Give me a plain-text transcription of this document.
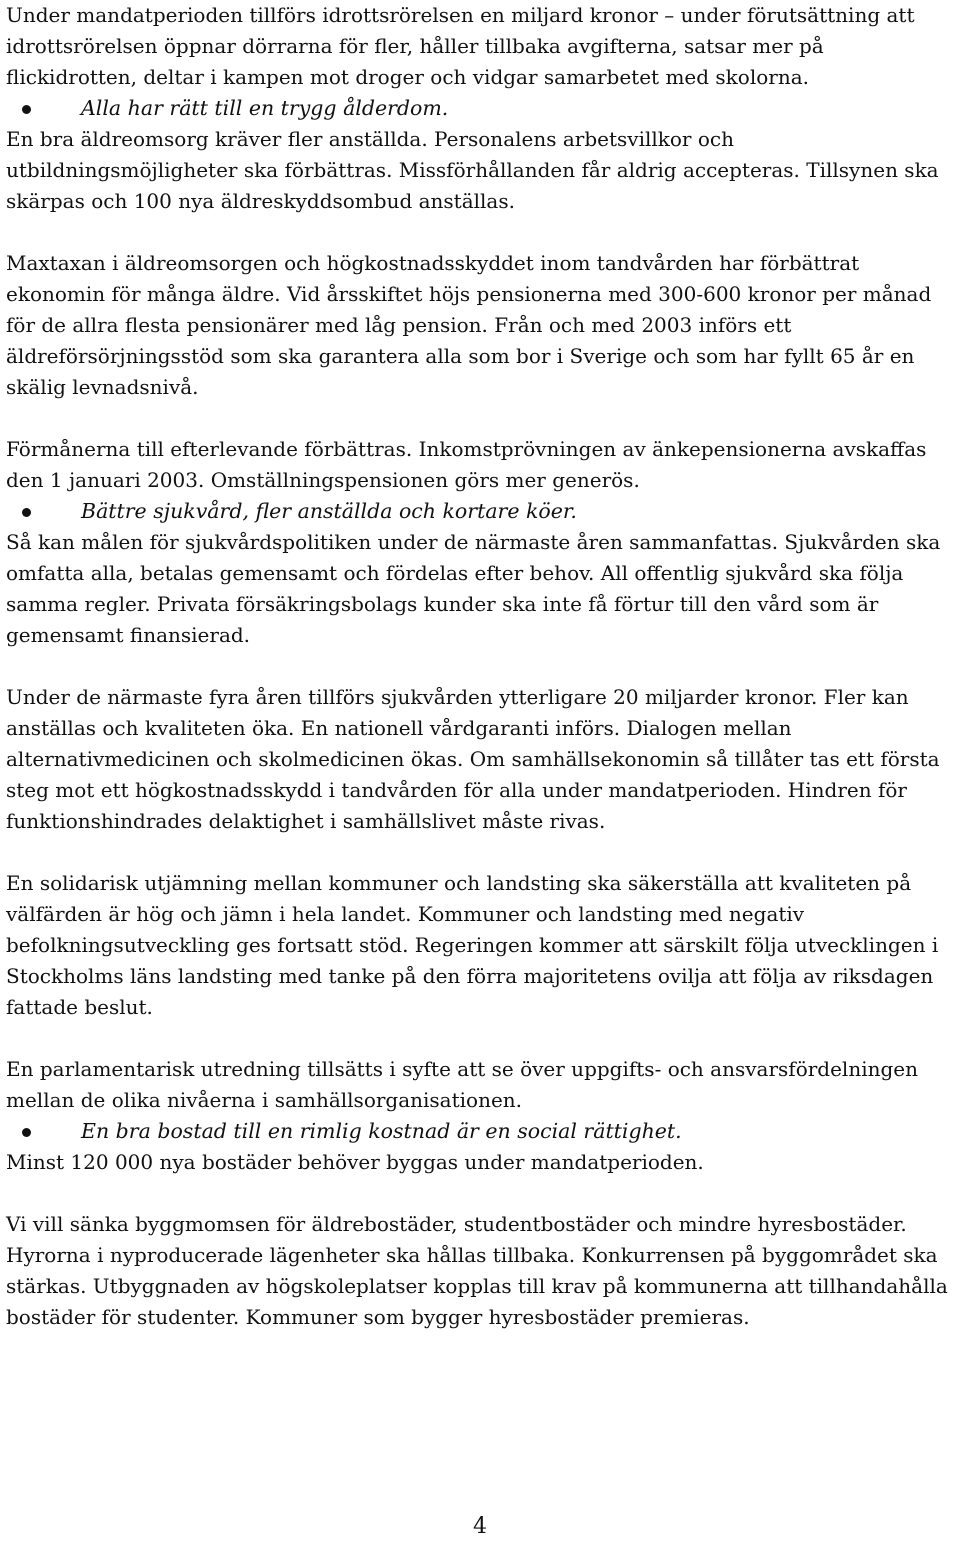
Under mandatperioden tillförs idrottsrörelsen en miljard kronor – under förutsättning att idrottsrörelsen öppnar dörrarna för fler, håller tillbaka avgifterna, satsar mer på flickidrotten, deltar i kampen mot droger och vidgar samarbetet med skolorna.

Alla har rätt till en trygg ålderdom.

En bra äldreomsorg kräver fler anställda. Personalens arbetsvillkor och utbildningsmöjligheter ska förbättras. Missförhållanden får aldrig accepteras. Tillsynen ska skärpas och 100 nya äldreskyddsombud anställas.

Maxtaxan i äldreomsorgen och högkostnadsskyddet inom tandvården har förbättrat ekonomin för många äldre. Vid årsskiftet höjs pensionerna med 300-600 kronor per månad för de allra flesta pensionärer med låg pension. Från och med 2003 införs ett äldreförsörjningsstöd som ska garantera alla som bor i Sverige och som har fyllt 65 år en skälig levnadsnivå.

Förmånerna till efterlevande förbättras. Inkomstprövningen av änkepensionerna avskaffas den 1 januari 2003. Omställningspensionen görs mer generös.

Bättre sjukvård, fler anställda och kortare köer.

Så kan målen för sjukvårdspolitiken under de närmaste åren sammanfattas. Sjukvården ska omfatta alla, betalas gemensamt och fördelas efter behov. All offentlig sjukvård ska följa samma regler. Privata försäkringsbolags kunder ska inte få förtur till den vård som är gemensamt finansierad.

Under de närmaste fyra åren tillförs sjukvården ytterligare 20 miljarder kronor. Fler kan anställas och kvaliteten öka. En nationell vårdgaranti införs. Dialogen mellan alternativmedicinen och skolmedicinen ökas. Om samhällsekonomin så tillåter tas ett första steg mot ett högkostnadsskydd i tandvården för alla under mandatperioden. Hindren för funktionshindrades delaktighet i samhällslivet måste rivas.

En solidarisk utjämning mellan kommuner och landsting ska säkerställa att kvaliteten på välfärden är hög och jämn i hela landet. Kommuner och landsting med negativ befolkningsutveckling ges fortsatt stöd. Regeringen kommer att särskilt följa utvecklingen i Stockholms läns landsting med tanke på den förra majoritetens ovilja att följa av riksdagen fattade beslut.

En parlamentarisk utredning tillsätts i syfte att se över uppgifts- och ansvarsfördelningen mellan de olika nivåerna i samhällsorganisationen.

En bra bostad till en rimlig kostnad är en social rättighet.

Minst 120 000 nya bostäder behöver byggas under mandatperioden.

Vi vill sänka byggmomsen för äldrebostäder, studentbostäder och mindre hyresbostäder. Hyrorna i nyproducerade lägenheter ska hållas tillbaka. Konkurrensen på byggområdet ska stärkas. Utbyggnaden av högskoleplatser kopplas till krav på kommunerna att tillhandahålla bostäder för studenter. Kommuner som bygger hyresbostäder premieras.

4
